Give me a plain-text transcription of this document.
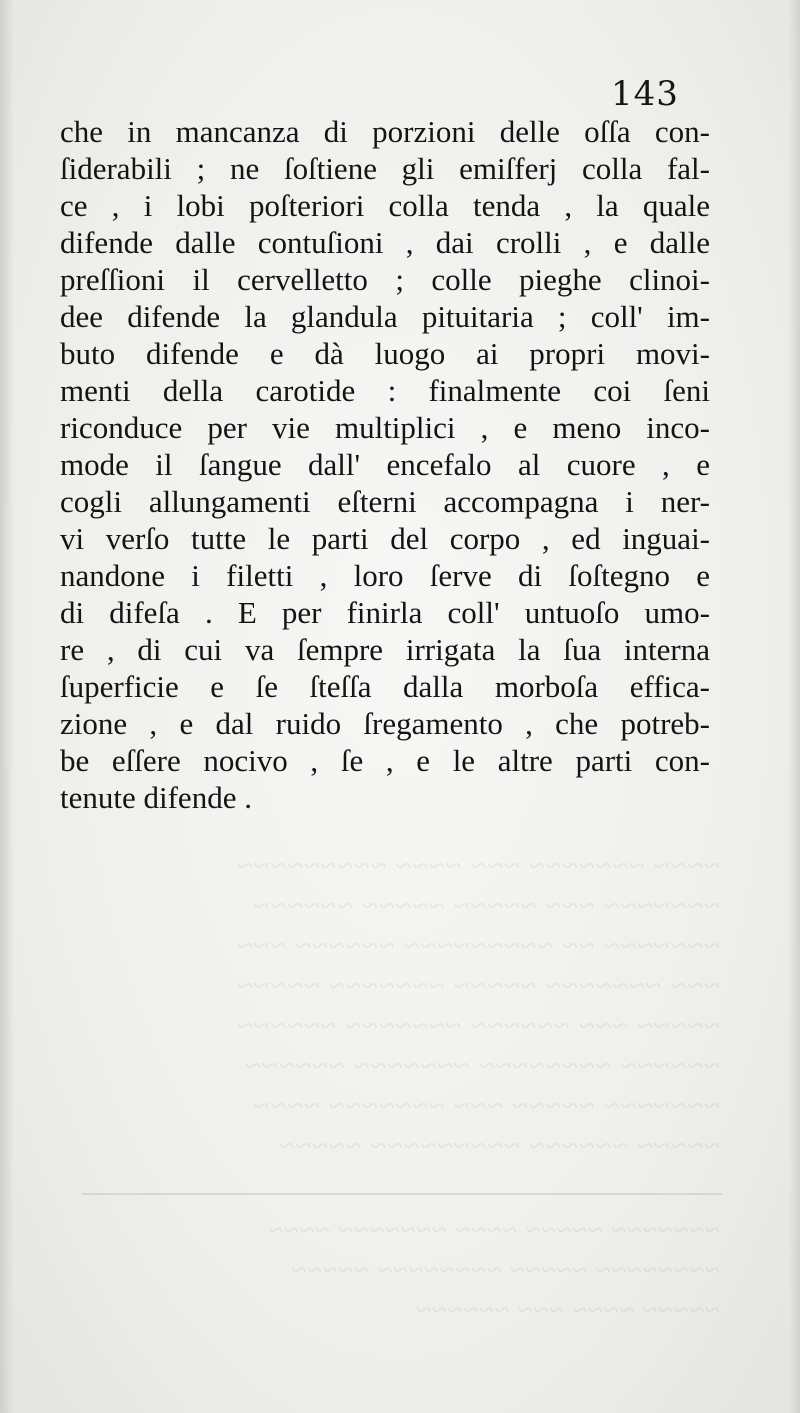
143
che in mancanza di porzioni delle oſſa con-
ſiderabili ; ne ſoſtiene gli emiſferj colla fal-
ce , i lobi poſteriori colla tenda , la quale
difende dalle contuſioni , dai crolli , e dalle
preſſioni il cervelletto ; colle pieghe clinoi-
dee difende la glandula pituitaria ; coll' im-
buto difende e dà luogo ai propri movi-
menti della carotide : finalmente coi ſeni
riconduce per vie multiplici , e meno inco-
mode il ſangue dall' encefalo al cuore , e
cogli allungamenti eſterni accompagna i ner-
vi verſo tutte le parti del corpo , ed inguai-
nandone i filetti , loro ſerve di ſoſtegno e
di difeſa . E per finirla coll' untuoſo umo-
re , di cui va ſempre irrigata la ſua interna
ſuperficie e ſe ſteſſa dalla morboſa effica-
zione , e dal ruido ſregamento , che potreb-
be eſſere nocivo , ſe , e le altre parti con-
tenute difende .
~~~~ ~~~~~~~ ~~~ ~~~~ ~~~~~~~~~
~~~~~~~ ~~~ ~~~~~ ~~~~~ ~~~~~~
~~~~~~~ ~~ ~~~~~~~~~ ~~~~~~ ~~~
~~~ ~~~~~~~ ~~~~~ ~~~~~~~ ~~~~~
~~~~~ ~~~ ~~~~~~ ~~~~~~~ ~~~~~~
~~~~~~ ~~~~~~~~ ~~~~~~~ ~~~~~~
~~~~~~~ ~~~~~ ~~~ ~~~~~~~ ~~~~
~~~~~ ~~~~~~ ~~~~~~~~~ ~~~~~
~~~~~~~ ~~~~~ ~~~~ ~~~~~~~ ~~~~
~~~~~~~~ ~~~~~ ~~~~~~~~ ~~~~~
~~~~~ ~~~~ ~~~ ~~~~~~
